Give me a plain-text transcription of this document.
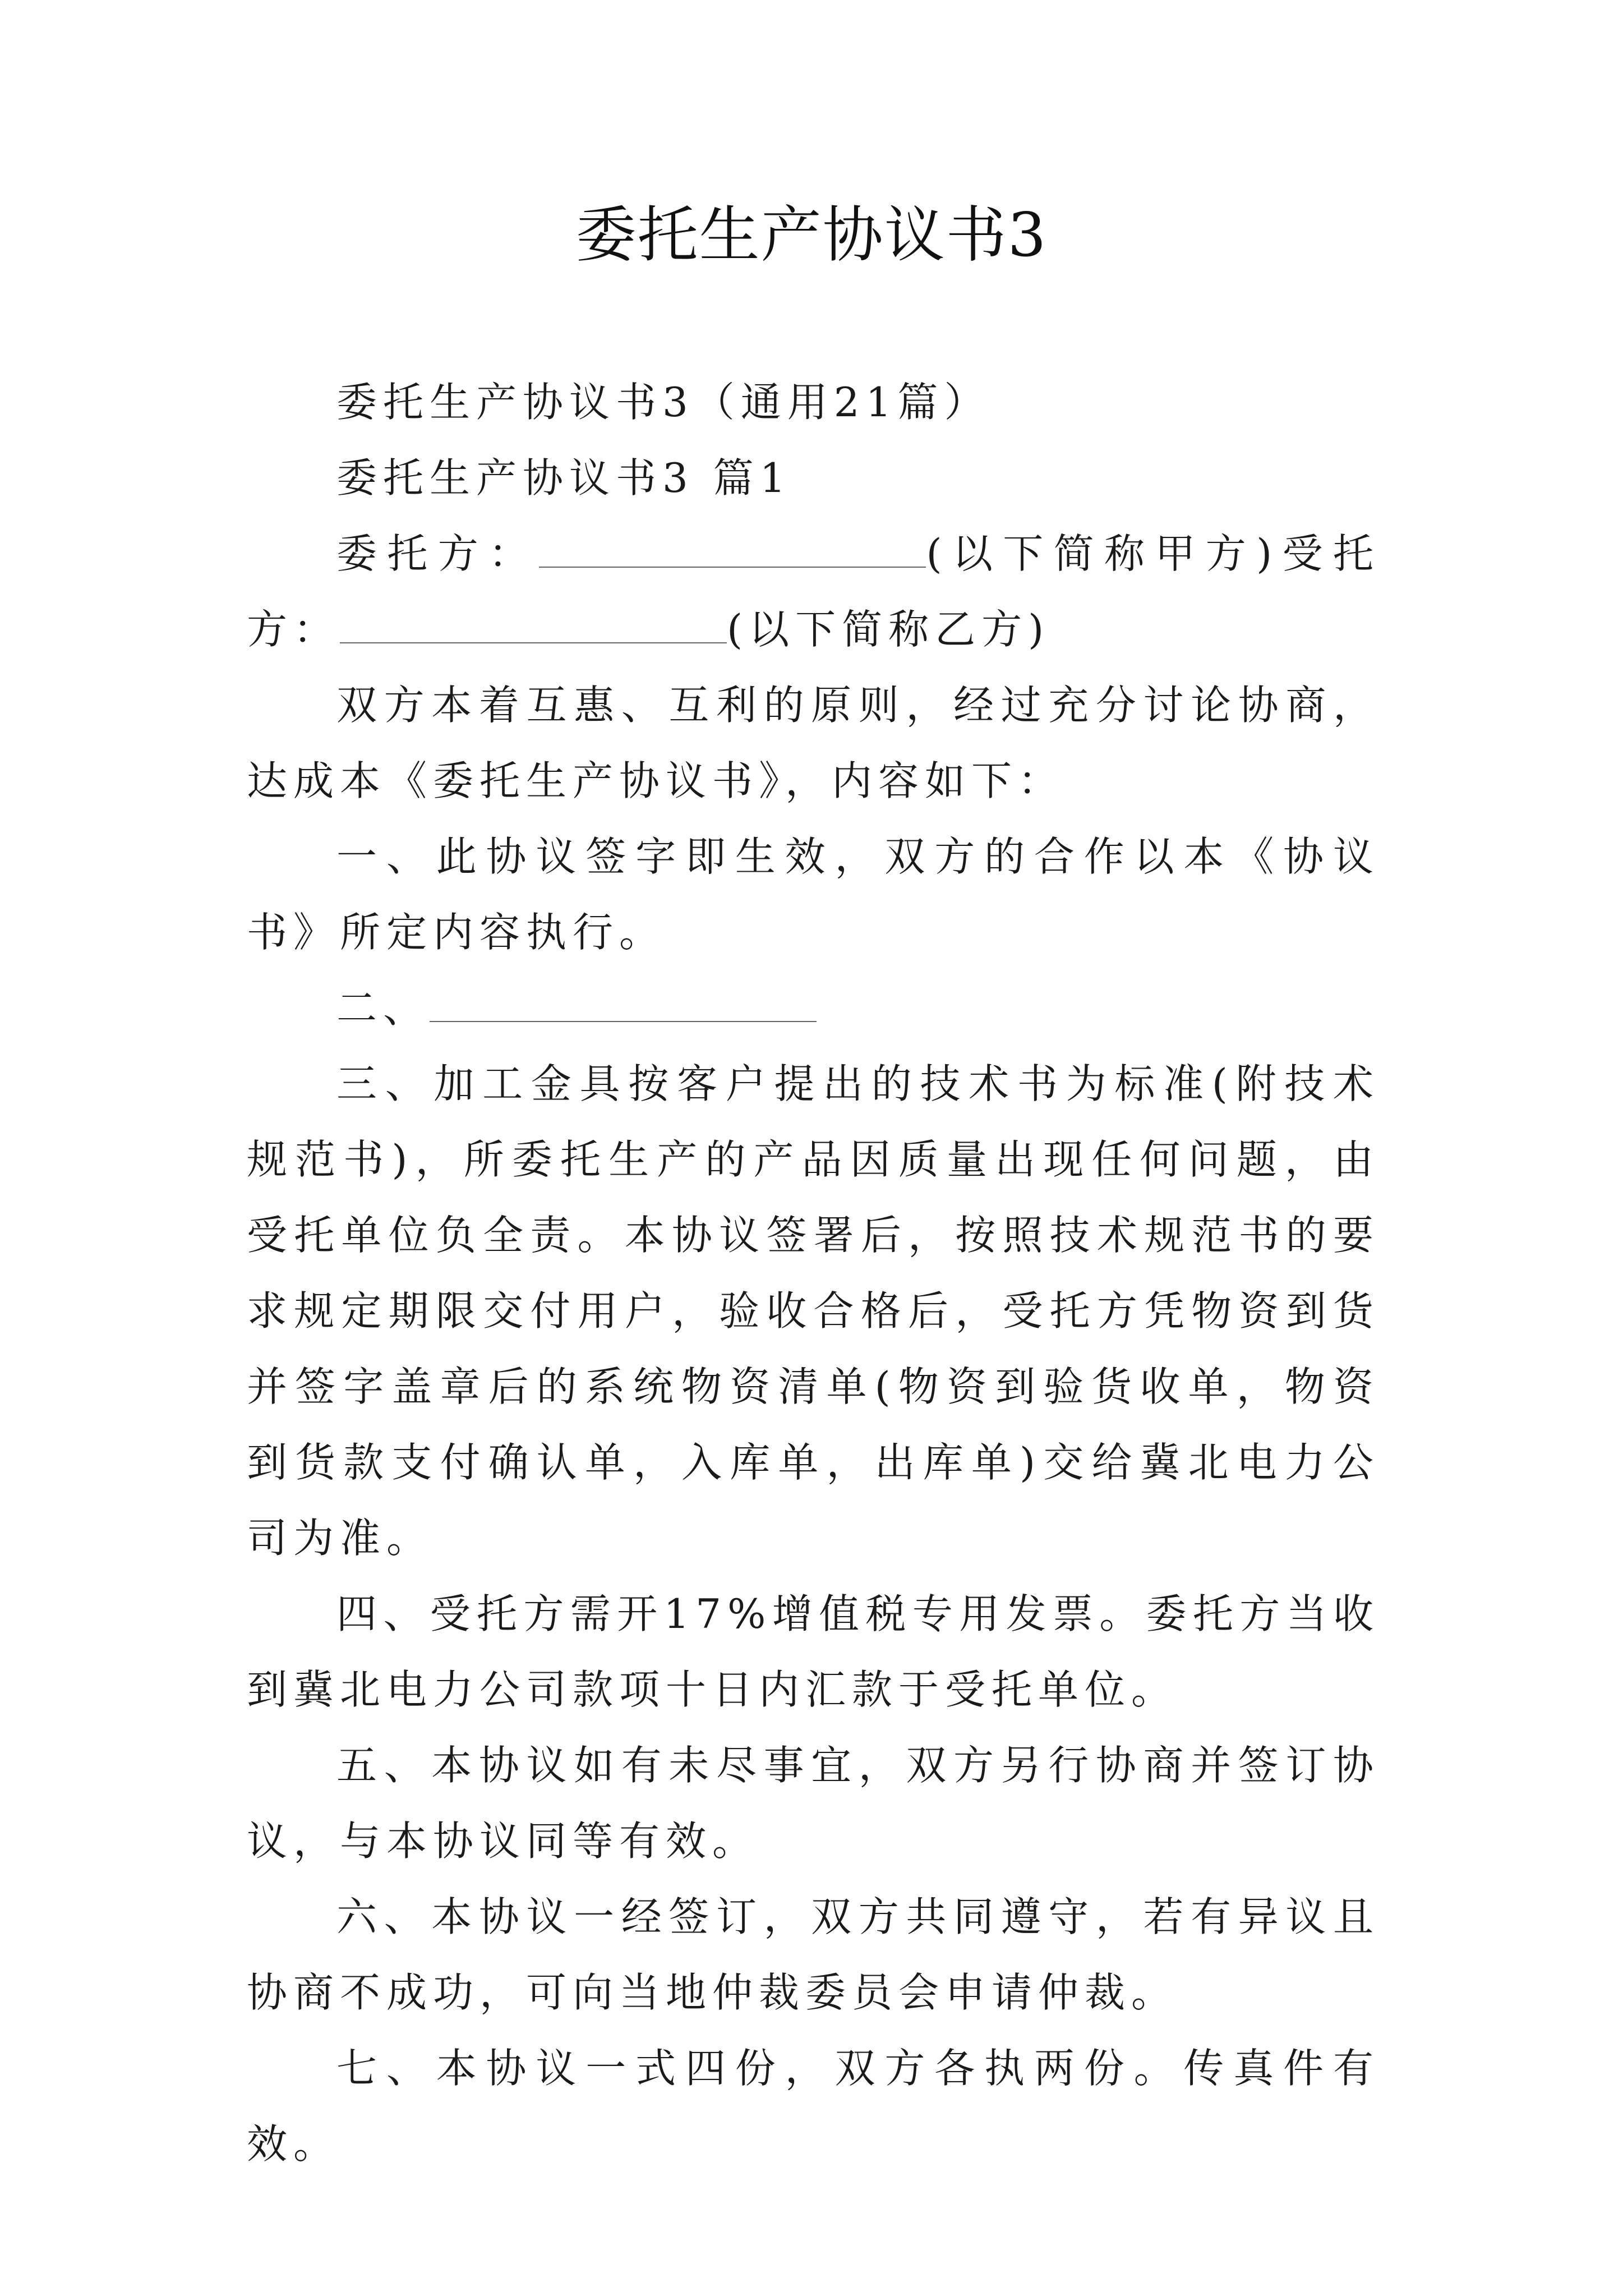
委托生产协议书3

委托生产协议书3（通用21篇）

委托生产协议书3 篇1

委托方：	(以下简称甲方)受托方：	(以下简称乙方)

双方本着互惠、互利的原则，经过充分讨论协商，达成本《委托生产协议书》，内容如下：

一、此协议签字即生效，双方的合作以本《协议书》所定内容执行。

二、

三、加工金具按客户提出的技术书为标准(附技术规范书)，所委托生产的产品因质量出现任何问题，由受托单位负全责。本协议签署后，按照技术规范书的要求规定期限交付用户，验收合格后，受托方凭物资到货并签字盖章后的系统物资清单(物资到验货收单，物资到货款支付确认单，入库单，出库单)交给冀北电力公司为准。

四、受托方需开17%增值税专用发票。委托方当收到冀北电力公司款项十日内汇款于受托单位。

五、本协议如有未尽事宜，双方另行协商并签订协议，与本协议同等有效。

六、本协议一经签订，双方共同遵守，若有异议且协商不成功，可向当地仲裁委员会申请仲裁。

七、本协议一式四份，双方各执两份。传真件有效。
